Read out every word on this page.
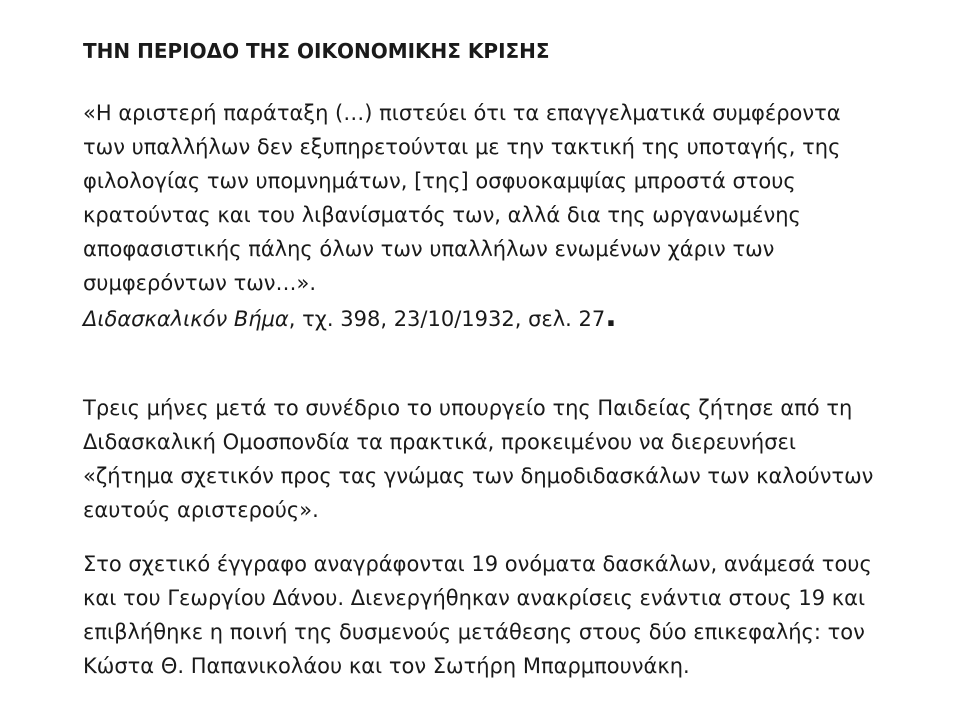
ΤΗΝ ΠΕΡΙΟΔΟ ΤΗΣ ΟΙΚΟΝΟΜΙΚΗΣ ΚΡΙΣΗΣ
«Η αριστερή παράταξη (…) πιστεύει ότι τα επαγγελματικά συμφέροντα
των υπαλλήλων δεν εξυπηρετούνται με την τακτική της υποταγής, της
φιλολογίας των υπομνημάτων, [της] οσφυοκαμψίας μπροστά στους
κρατούντας και του λιβανίσματός των, αλλά δια της ωργανωμένης
αποφασιστικής πάλης όλων των υπαλλήλων ενωμένων χάριν των
συμφερόντων των…».
Διδασκαλικόν Βήμα, τχ. 398, 23/10/1932, σελ. 27.
Τρεις μήνες μετά το συνέδριο το υπουργείο της Παιδείας ζήτησε από τη
Διδασκαλική Ομοσπονδία τα πρακτικά, προκειμένου να διερευνήσει
«ζήτημα σχετικόν προς τας γνώμας των δημοδιδασκάλων των καλούντων
εαυτούς αριστερούς».
Στο σχετικό έγγραφο αναγράφονται 19 ονόματα δασκάλων, ανάμεσά τους
και του Γεωργίου Δάνου. Διενεργήθηκαν ανακρίσεις ενάντια στους 19 και
επιβλήθηκε η ποινή της δυσμενούς μετάθεσης στους δύο επικεφαλής: τον
Κώστα Θ. Παπανικολάου και τον Σωτήρη Μπαρμπουνάκη.
